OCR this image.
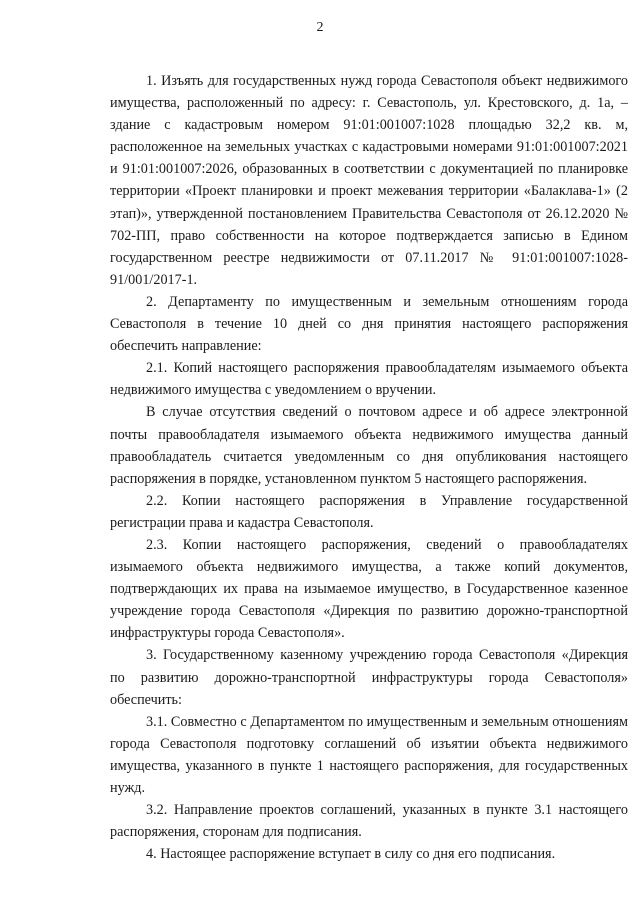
2

1. Изъять для государственных нужд города Севастополя объект недвижимого имущества, расположенный по адресу: г. Севастополь, ул. Крестовского, д. 1а, – здание с кадастровым номером 91:01:001007:1028 площадью 32,2 кв. м, расположенное на земельных участках с кадастровыми номерами 91:01:001007:2021 и 91:01:001007:2026, образованных в соответствии с документацией по планировке территории «Проект планировки и проект межевания территории «Балаклава-1» (2 этап)», утвержденной постановлением Правительства Севастополя от 26.12.2020 № 702-ПП, право собственности на которое подтверждается записью в Едином государственном реестре недвижимости от 07.11.2017 № 91:01:001007:1028-91/001/2017-1.

2. Департаменту по имущественным и земельным отношениям города Севастополя в течение 10 дней со дня принятия настоящего распоряжения обеспечить направление:

2.1. Копий настоящего распоряжения правообладателям изымаемого объекта недвижимого имущества с уведомлением о вручении.

В случае отсутствия сведений о почтовом адресе и об адресе электронной почты правообладателя изымаемого объекта недвижимого имущества данный правообладатель считается уведомленным со дня опубликования настоящего распоряжения в порядке, установленном пунктом 5 настоящего распоряжения.

2.2. Копии настоящего распоряжения в Управление государственной регистрации права и кадастра Севастополя.

2.3. Копии настоящего распоряжения, сведений о правообладателях изымаемого объекта недвижимого имущества, а также копий документов, подтверждающих их права на изымаемое имущество, в Государственное казенное учреждение города Севастополя «Дирекция по развитию дорожно-транспортной инфраструктуры города Севастополя».

3. Государственному казенному учреждению города Севастополя «Дирекция по развитию дорожно-транспортной инфраструктуры города Севастополя» обеспечить:

3.1. Совместно с Департаментом по имущественным и земельным отношениям города Севастополя подготовку соглашений об изъятии объекта недвижимого имущества, указанного в пункте 1 настоящего распоряжения, для государственных нужд.

3.2. Направление проектов соглашений, указанных в пункте 3.1 настоящего распоряжения, сторонам для подписания.

4. Настоящее распоряжение вступает в силу со дня его подписания.
